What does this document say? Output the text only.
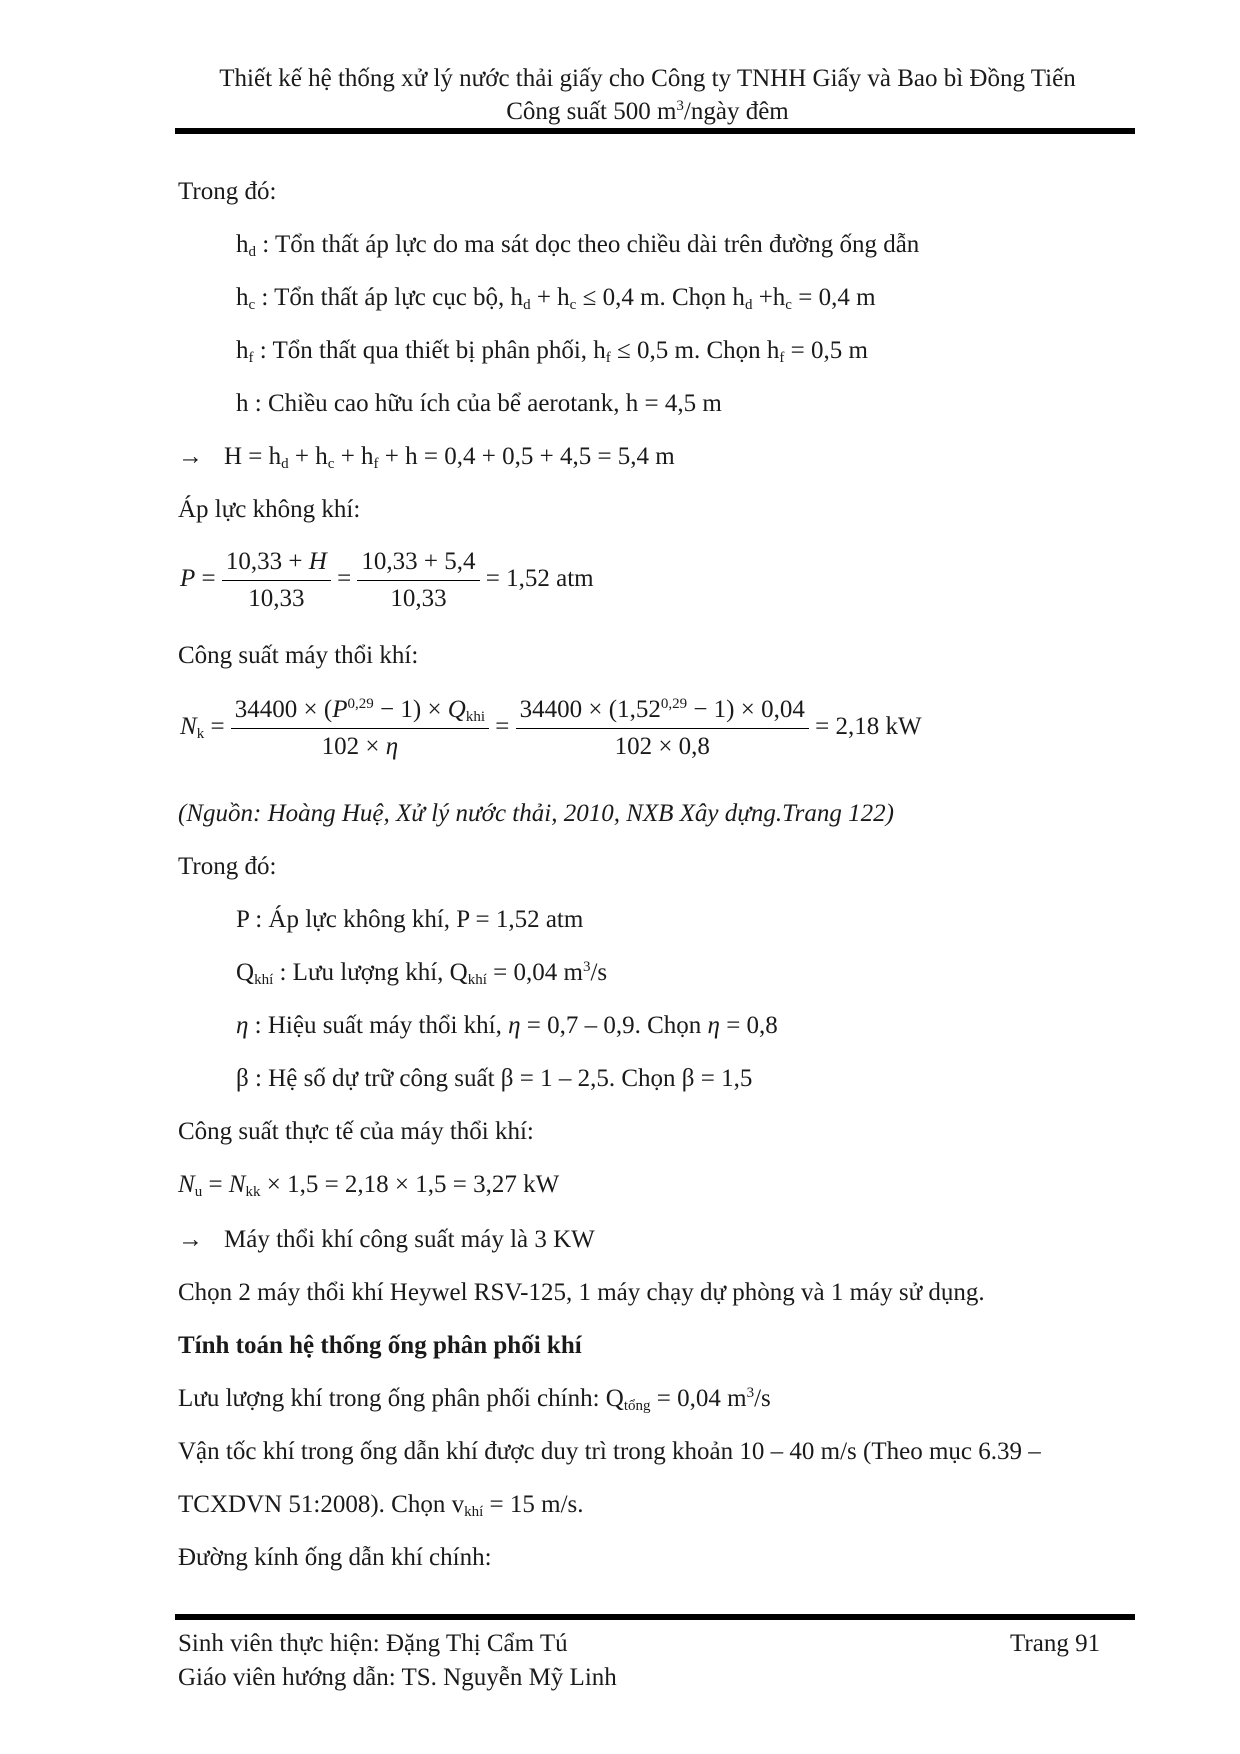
Thiết kế hệ thống xử lý nước thải giấy cho Công ty TNHH Giấy và Bao bì Đồng Tiến
Công suất 500 $m^3$/ngày đêm
Trong đó:
$h_d$ : Tổn thất áp lực do ma sát dọc theo chiều dài trên đường ống dẫn
$h_c$ : Tổn thất áp lực cục bộ, $h_d + h_c \le 0,4$ m. Chọn $h_d +h_c = 0,4$ m
$h_f$ : Tổn thất qua thiết bị phân phối, $h_f \le 0,5$ m. Chọn $h_f = 0,5$ m
h : Chiều cao hữu ích của bể aerotank, h = 4,5 m
→ $H = h_d + h_c + h_f + h = 0,4 + 0,5 + 4,5 = 5,4$ m
Áp lực không khí:
$P = \frac{10,33 + H}{10,33} = \frac{10,33 + 5,4}{10,33} = 1,52$ atm
Công suất máy thổi khí:
$N_k = \frac{34400 \times (P^{0,29} - 1) \times Q_{khi}}{102 \times \eta} = \frac{34400 \times (1,52^{0,29} - 1) \times 0,04}{102 \times 0,8} = 2,18$ kW
(Nguồn: Hoàng Huệ, Xử lý nước thải, 2010, NXB Xây dựng.Trang 122)
Trong đó:
P : Áp lực không khí, P = 1,52 atm
$Q_{khí}$ : Lưu lượng khí, $Q_{khí} = 0,04$ $m^3/s$
η : Hiệu suất máy thổi khí, η = 0,7 – 0,9. Chọn η = 0,8
β : Hệ số dự trữ công suất β = 1 – 2,5. Chọn β = 1,5
Công suất thực tế của máy thổi khí:
$N_u = N_{kk} \times 1,5 = 2,18 \times 1,5 = 3,27$ kW
→ Máy thổi khí công suất máy là 3 KW
Chọn 2 máy thổi khí Heywel RSV-125, 1 máy chạy dự phòng và 1 máy sử dụng.
Tính toán hệ thống ống phân phối khí
Lưu lượng khí trong ống phân phối chính: $Q_{tổng} = 0,04$ $m^3/s$
Vận tốc khí trong ống dẫn khí được duy trì trong khoản 10 – 40 m/s (Theo mục 6.39 –
TCXDVN 51:2008). Chọn $v_{khí} = 15$ m/s.
Đường kính ống dẫn khí chính:
Sinh viên thực hiện: Đặng Thị Cẩm Tú	Trang 91
Giáo viên hướng dẫn: TS. Nguyễn Mỹ Linh
